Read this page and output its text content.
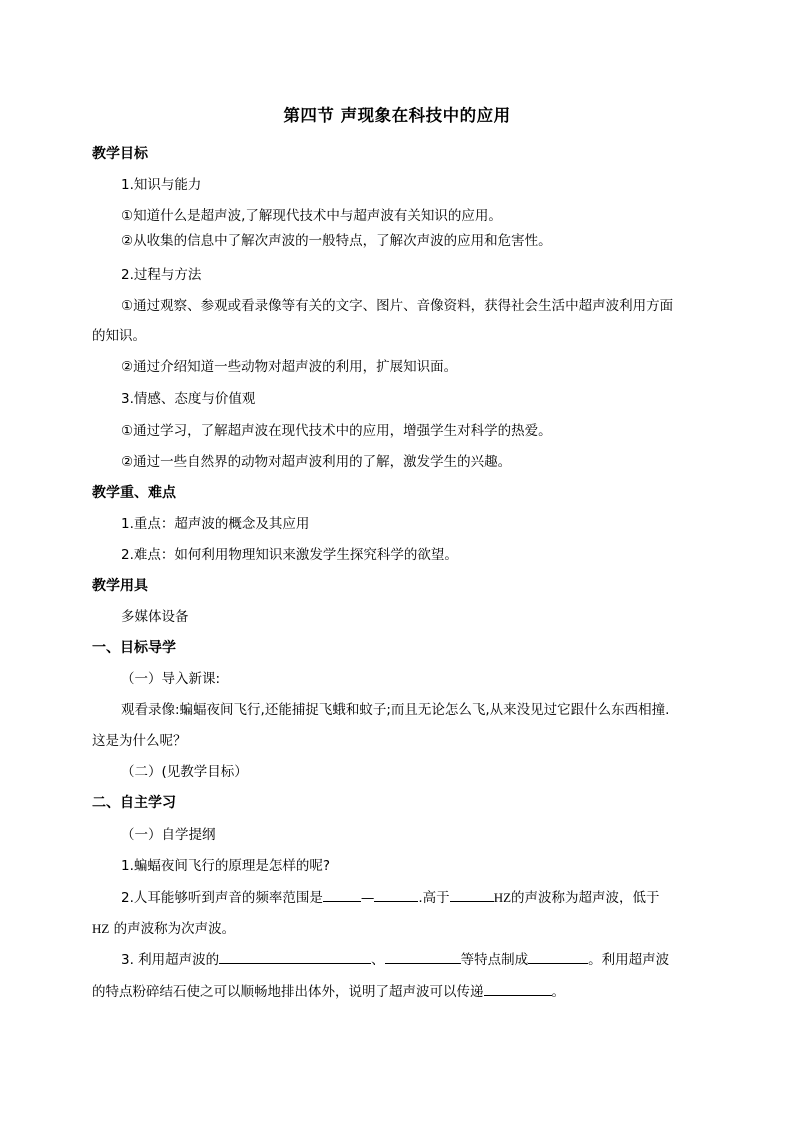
第四节 声现象在科技中的应用
教学目标
1.知识与能力
①知道什么是超声波,了解现代技术中与超声波有关知识的应用。
②从收集的信息中了解次声波的一般特点，了解次声波的应用和危害性。
2.过程与方法
①通过观察、参观或看录像等有关的文字、图片、音像资料，获得社会生活中超声波利用方面
的知识。
②通过介绍知道一些动物对超声波的利用，扩展知识面。
3.情感、态度与价值观
①通过学习，了解超声波在现代技术中的应用，增强学生对科学的热爱。
②通过一些自然界的动物对超声波利用的了解，激发学生的兴趣。
教学重、难点
1.重点：超声波的概念及其应用
2.难点：如何利用物理知识来激发学生探究科学的欲望。
教学用具
多媒体设备
一、目标导学
（一）导入新课:
观看录像:蝙蝠夜间飞行,还能捕捉飞蛾和蚊子;而且无论怎么飞,从来没见过它跟什么东西相撞.
这是为什么呢？
（二）(见教学目标）
二、自主学习
（一）自学提纲
1.蝙蝠夜间飞行的原理是怎样的呢?
2.人耳能够听到声音的频率范围是	—	.高于	HZ的声波称为超声波，低于
HZ 的声波称为次声波。
3. 利用超声波的	、	等特点制成	。利用超声波
的特点粉碎结石使之可以顺畅地排出体外，说明了超声波可以传递	。
